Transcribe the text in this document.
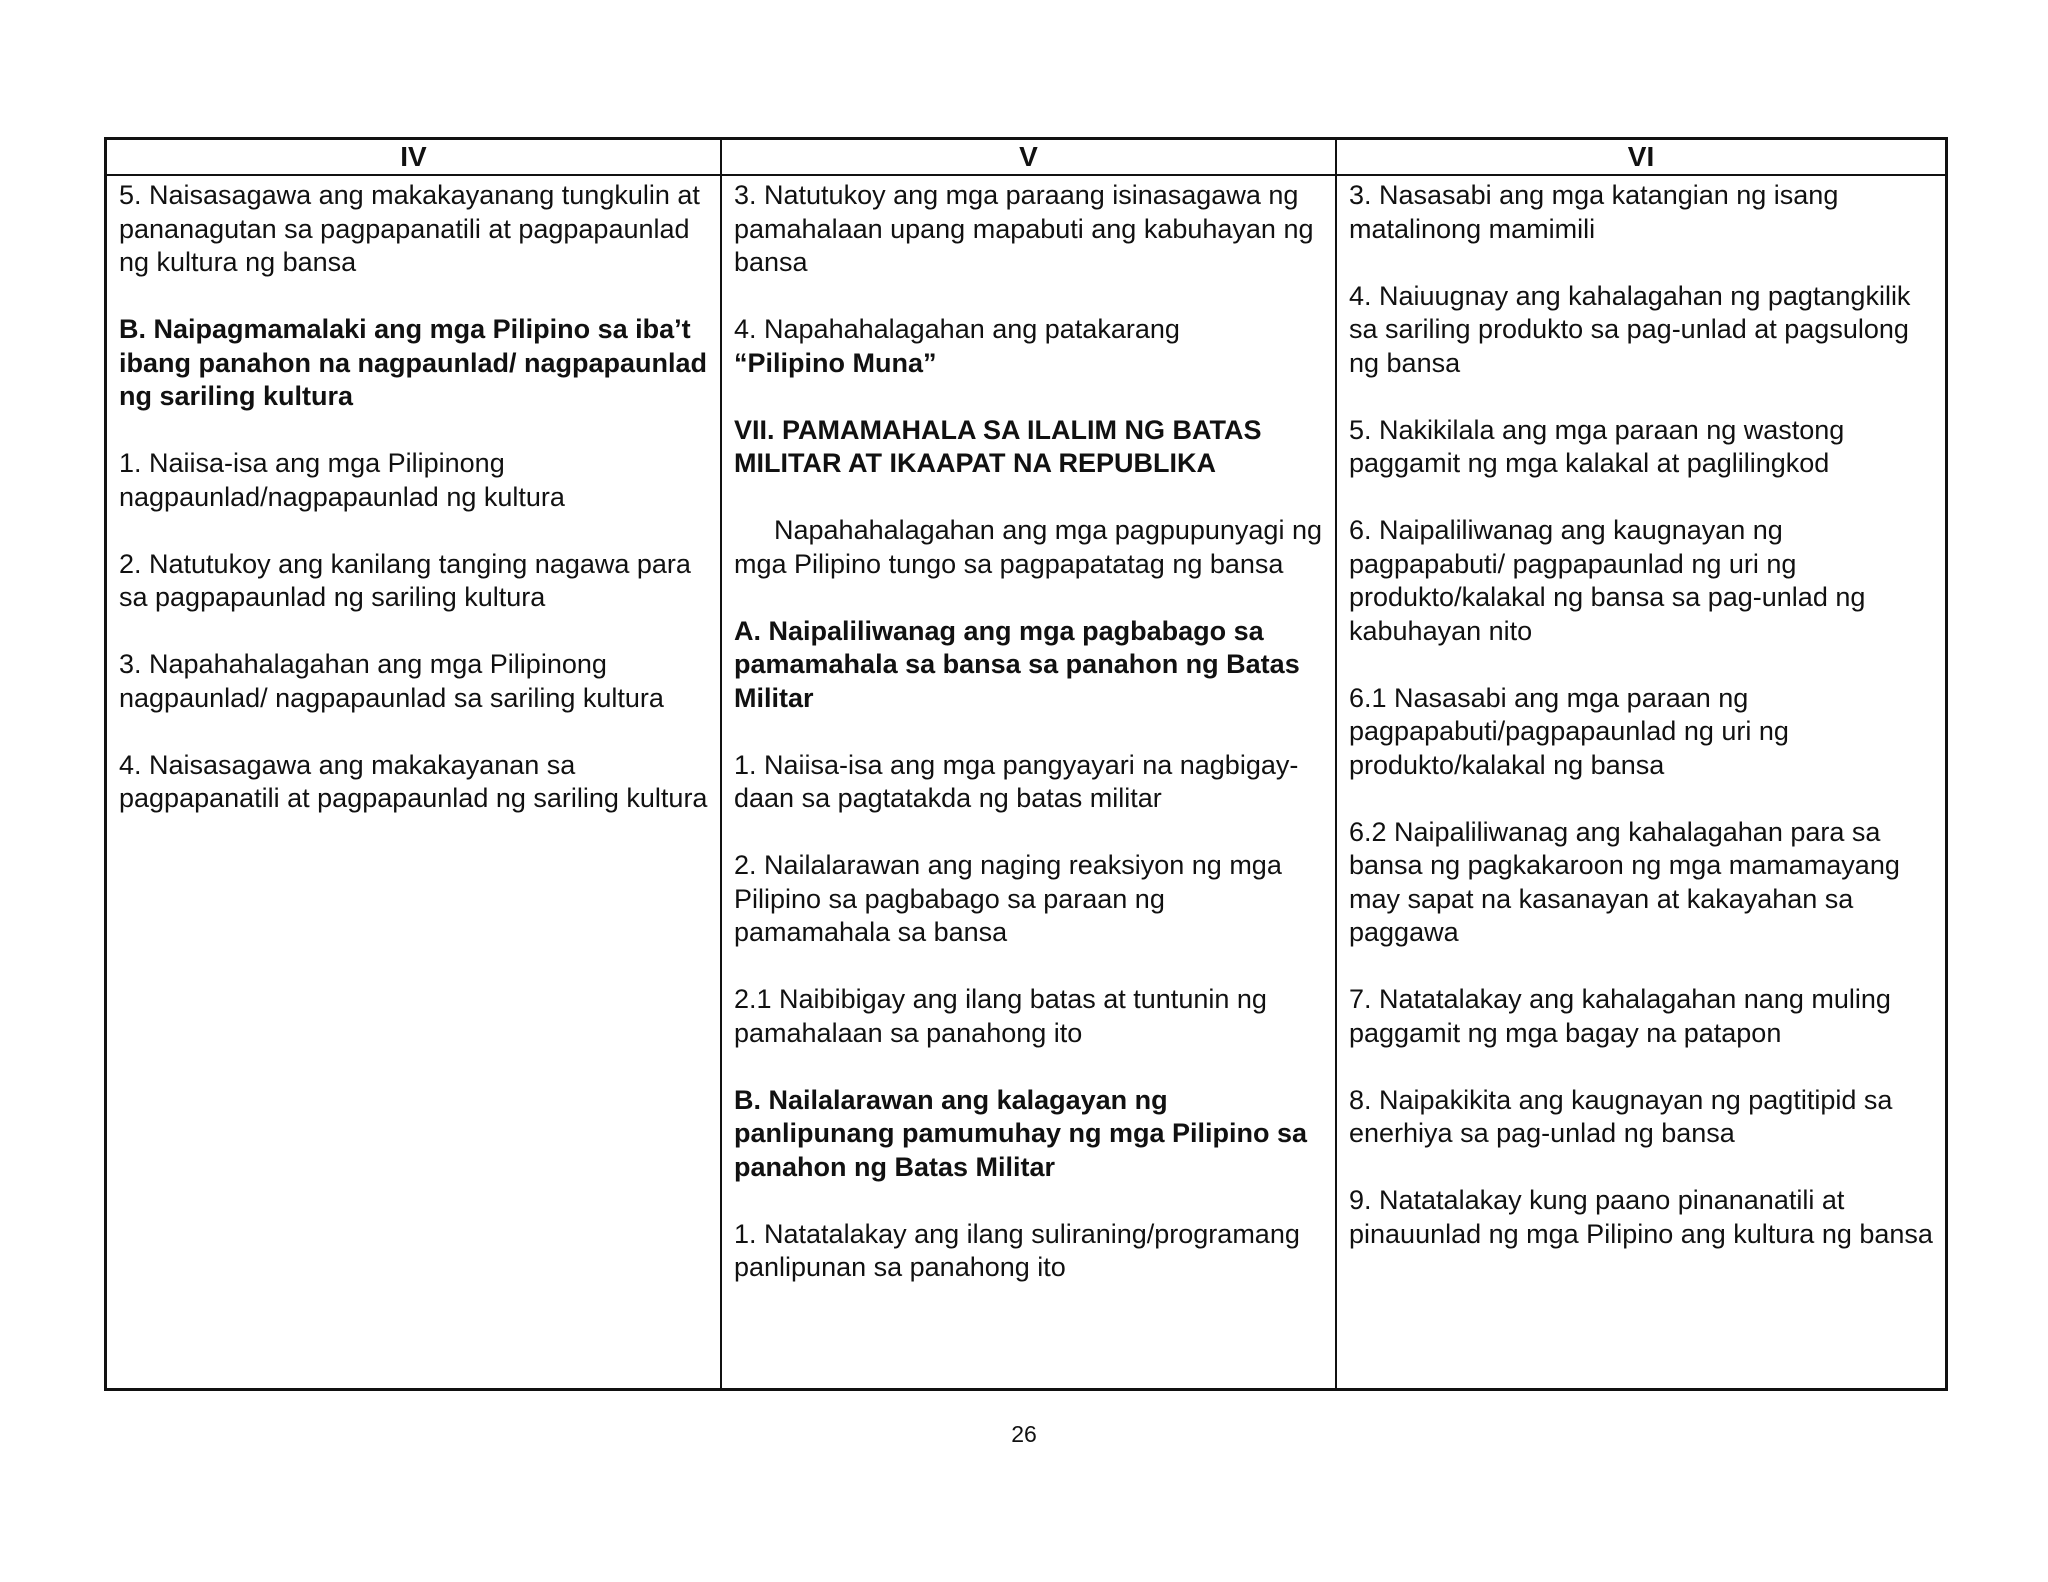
IV	V	VI

5. Naisasagawa ang makakayanang tungkulin at pananagutan sa pagpapanatili at pagpapaunlad ng kultura ng bansa

B. Naipagmamalaki ang mga Pilipino sa iba’t ibang panahon na nagpaunlad/ nagpapaunlad ng sariling kultura

1. Naiisa-isa ang mga Pilipinong nagpaunlad/nagpapaunlad ng kultura

2. Natutukoy ang kanilang tanging nagawa para sa pagpapaunlad ng sariling kultura

3. Napahahalagahan ang mga Pilipinong nagpaunlad/ nagpapaunlad sa sariling kultura

4. Naisasagawa ang makakayanan sa pagpapanatili at pagpapaunlad ng sariling kultura

3. Natutukoy ang mga paraang isinasagawa ng pamahalaan upang mapabuti ang kabuhayan ng bansa

4. Napahahalagahan ang patakarang
“Pilipino Muna”

VII. PAMAMAHALA SA ILALIM NG BATAS MILITAR AT IKAAPAT NA REPUBLIKA

Napahahalagahan ang mga pagpupunyagi ng mga Pilipino tungo sa pagpapatatag ng bansa

A. Naipaliliwanag ang mga pagbabago sa pamamahala sa bansa sa panahon ng Batas Militar

1. Naiisa-isa ang mga pangyayari na nagbigay-daan sa pagtatakda ng batas militar

2. Nailalarawan ang naging reaksiyon ng mga Pilipino sa pagbabago sa paraan ng pamamahala sa bansa

2.1 Naibibigay ang ilang batas at tuntunin ng pamahalaan sa panahong ito

B. Nailalarawan ang kalagayan ng panlipunang pamumuhay ng mga Pilipino sa panahon ng Batas Militar

1. Natatalakay ang ilang suliraning/programang panlipunan sa panahong ito

3. Nasasabi ang mga katangian ng isang matalinong mamimili

4. Naiuugnay ang kahalagahan ng pagtangkilik sa sariling produkto sa pag-unlad at pagsulong ng bansa

5. Nakikilala ang mga paraan ng wastong paggamit ng mga kalakal at paglilingkod

6. Naipaliliwanag ang kaugnayan ng pagpapabuti/ pagpapaunlad ng uri ng produkto/kalakal ng bansa sa pag-unlad ng kabuhayan nito

6.1 Nasasabi ang mga paraan ng pagpapabuti/pagpapaunlad ng uri ng produkto/kalakal ng bansa

6.2 Naipaliliwanag ang kahalagahan para sa bansa ng pagkakaroon ng mga mamamayang may sapat na kasanayan at kakayahan sa paggawa

7. Natatalakay ang kahalagahan nang muling paggamit ng mga bagay na patapon

8. Naipakikita ang kaugnayan ng pagtitipid sa enerhiya sa pag-unlad ng bansa

9. Natatalakay kung paano pinananatili at pinauunlad ng mga Pilipino ang kultura ng bansa

26
